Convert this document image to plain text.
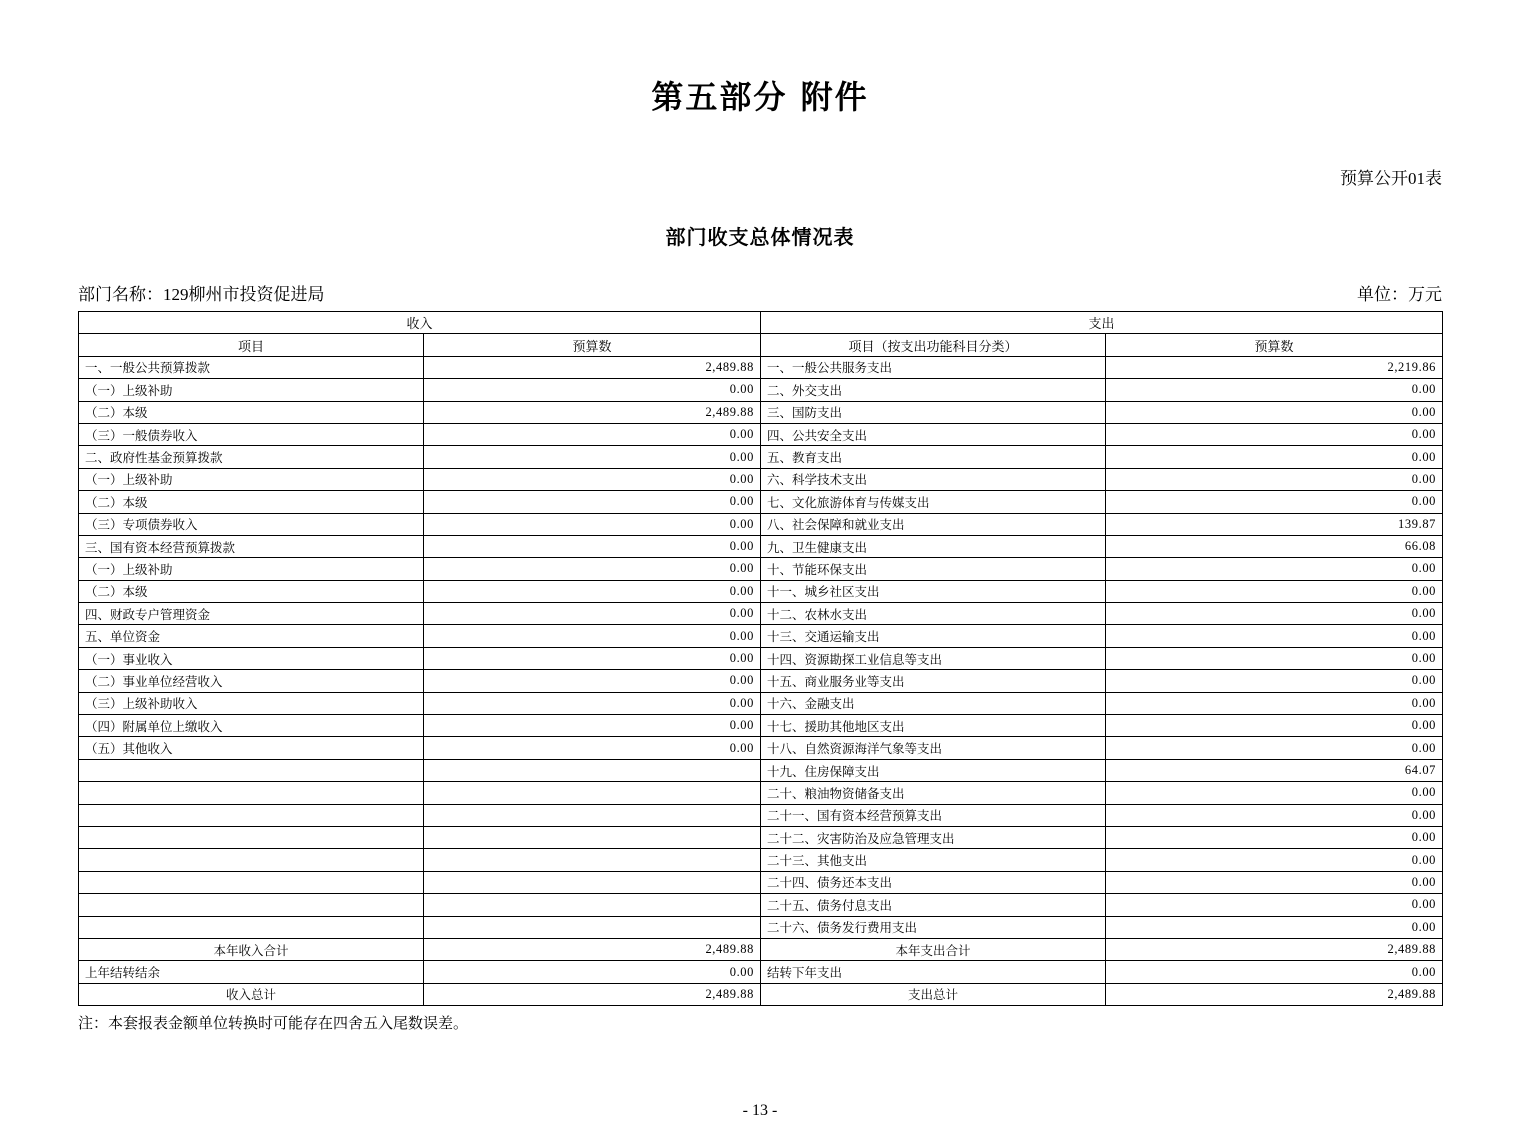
第五部分 附件
预算公开01表
部门收支总体情况表
部门名称：129柳州市投资促进局	单位：万元
收入		支出	
项目	预算数	项目（按支出功能科目分类）	预算数
一、一般公共预算拨款	2,489.88	一、一般公共服务支出	2,219.86
（一）上级补助	0.00	二、外交支出	0.00
（二）本级	2,489.88	三、国防支出	0.00
（三）一般债券收入	0.00	四、公共安全支出	0.00
二、政府性基金预算拨款	0.00	五、教育支出	0.00
（一）上级补助	0.00	六、科学技术支出	0.00
（二）本级	0.00	七、文化旅游体育与传媒支出	0.00
（三）专项债券收入	0.00	八、社会保障和就业支出	139.87
三、国有资本经营预算拨款	0.00	九、卫生健康支出	66.08
（一）上级补助	0.00	十、节能环保支出	0.00
（二）本级	0.00	十一、城乡社区支出	0.00
四、财政专户管理资金	0.00	十二、农林水支出	0.00
五、单位资金	0.00	十三、交通运输支出	0.00
（一）事业收入	0.00	十四、资源勘探工业信息等支出	0.00
（二）事业单位经营收入	0.00	十五、商业服务业等支出	0.00
（三）上级补助收入	0.00	十六、金融支出	0.00
（四）附属单位上缴收入	0.00	十七、援助其他地区支出	0.00
（五）其他收入	0.00	十八、自然资源海洋气象等支出	0.00
		十九、住房保障支出	64.07
		二十、粮油物资储备支出	0.00
		二十一、国有资本经营预算支出	0.00
		二十二、灾害防治及应急管理支出	0.00
		二十三、其他支出	0.00
		二十四、债务还本支出	0.00
		二十五、债务付息支出	0.00
		二十六、债务发行费用支出	0.00
本年收入合计	2,489.88	本年支出合计	2,489.88
上年结转结余	0.00	结转下年支出	0.00
收入总计	2,489.88	支出总计	2,489.88
注：本套报表金额单位转换时可能存在四舍五入尾数误差。
- 13 -
